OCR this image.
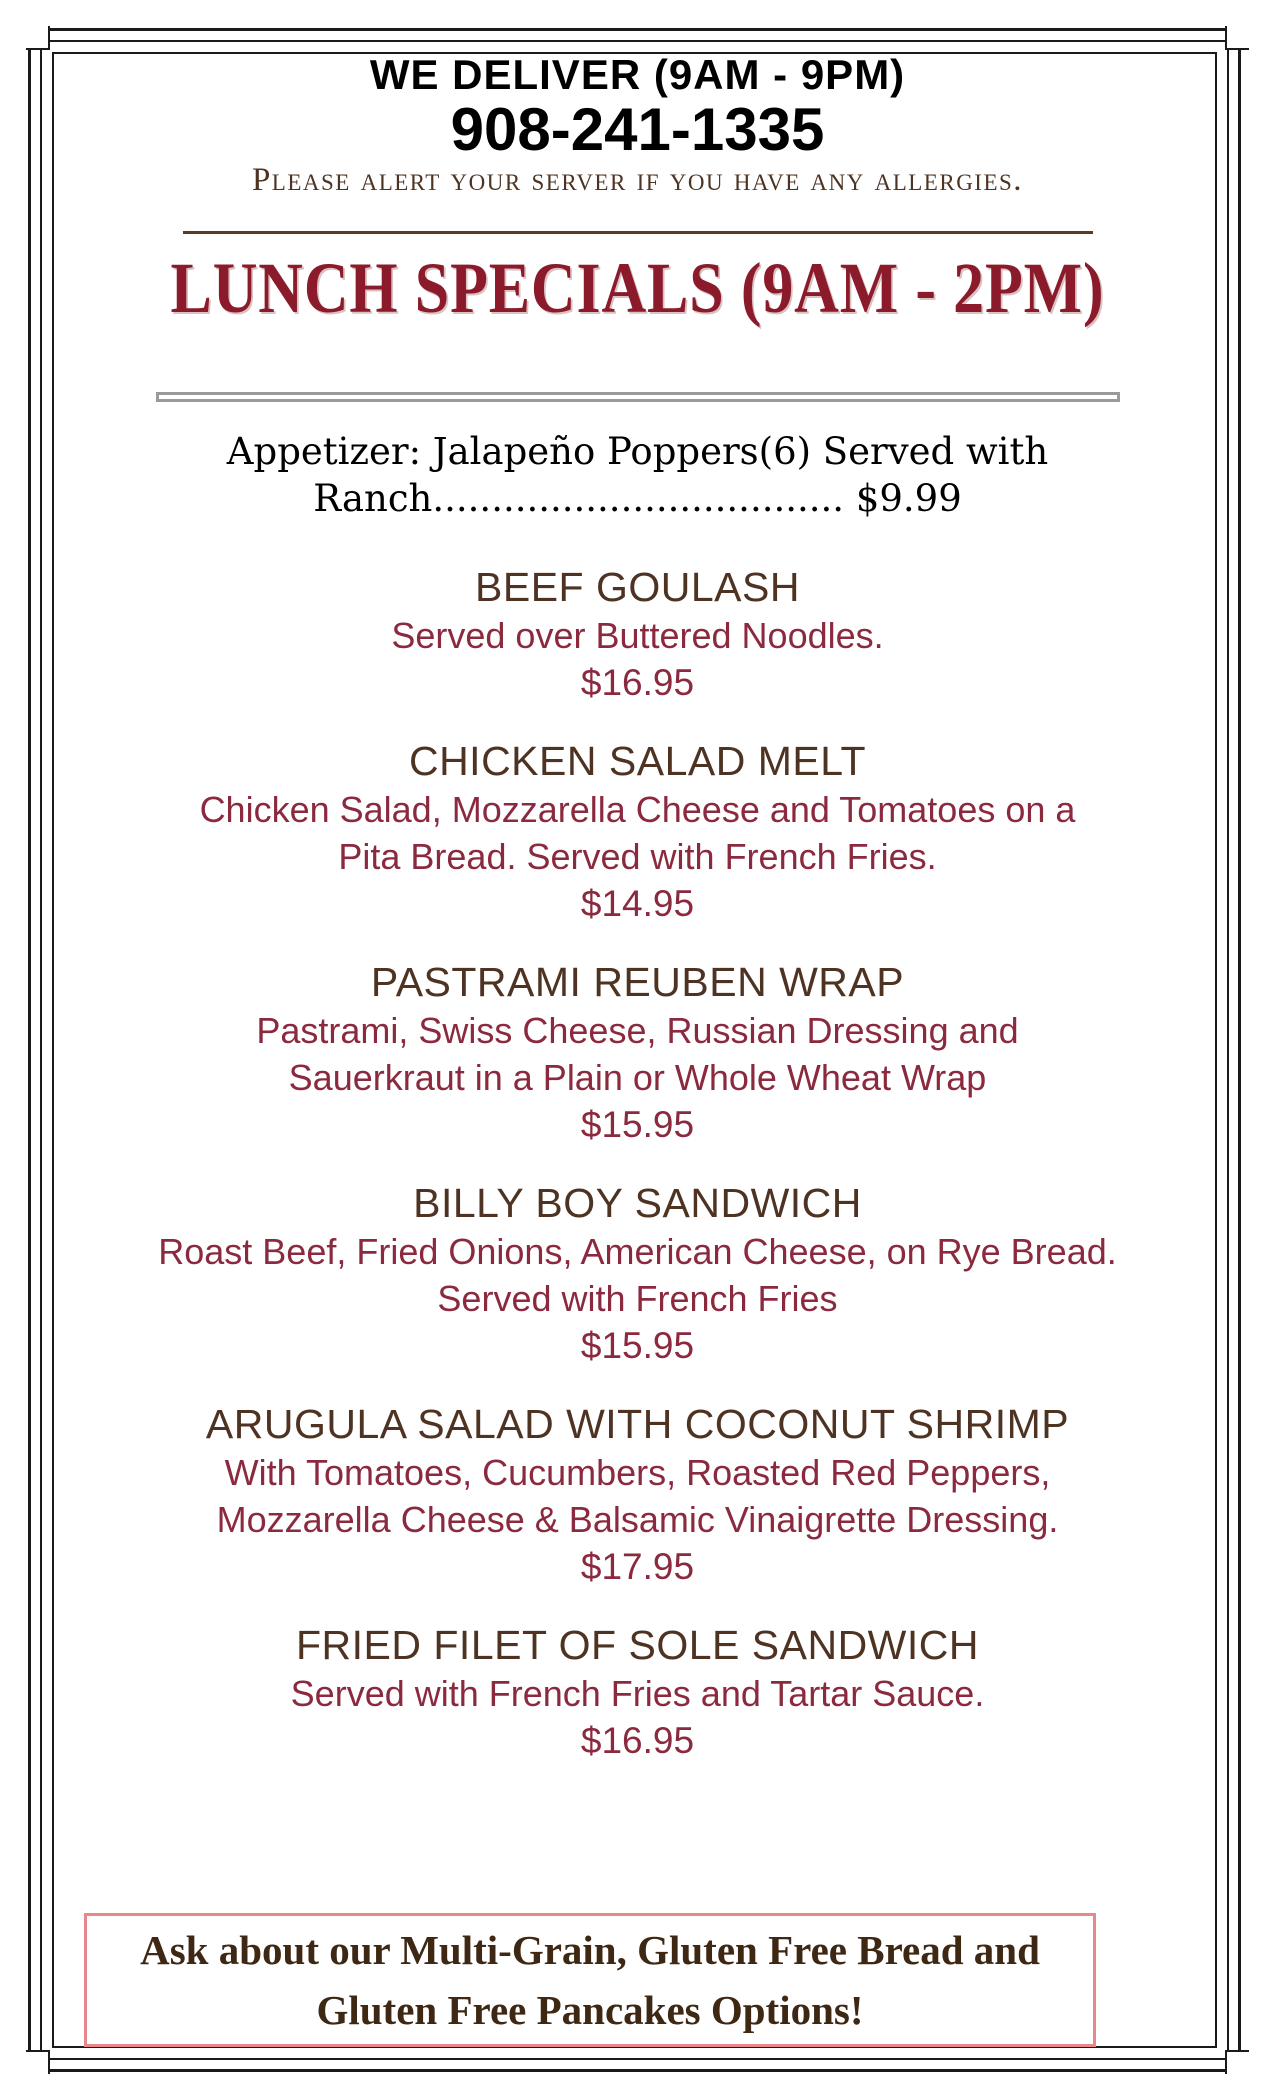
WE DELIVER (9AM - 9PM)
908-241-1335
Please alert your server if you have any allergies.
LUNCH SPECIALS (9AM - 2PM)
Appetizer: Jalapeño Poppers(6) Served with
Ranch................................... $9.99
BEEF GOULASH
Served over Buttered Noodles.
$16.95
CHICKEN SALAD MELT
Chicken Salad, Mozzarella Cheese and Tomatoes on a Pita Bread. Served with French Fries.
$14.95
PASTRAMI REUBEN WRAP
Pastrami, Swiss Cheese, Russian Dressing and Sauerkraut in a Plain or Whole Wheat Wrap
$15.95
BILLY BOY SANDWICH
Roast Beef, Fried Onions, American Cheese, on Rye Bread. Served with French Fries
$15.95
ARUGULA SALAD WITH COCONUT SHRIMP
With Tomatoes, Cucumbers, Roasted Red Peppers, Mozzarella Cheese & Balsamic Vinaigrette Dressing.
$17.95
FRIED FILET OF SOLE SANDWICH
Served with French Fries and Tartar Sauce.
$16.95
Ask about our Multi-Grain, Gluten Free Bread and
Gluten Free Pancakes Options!
